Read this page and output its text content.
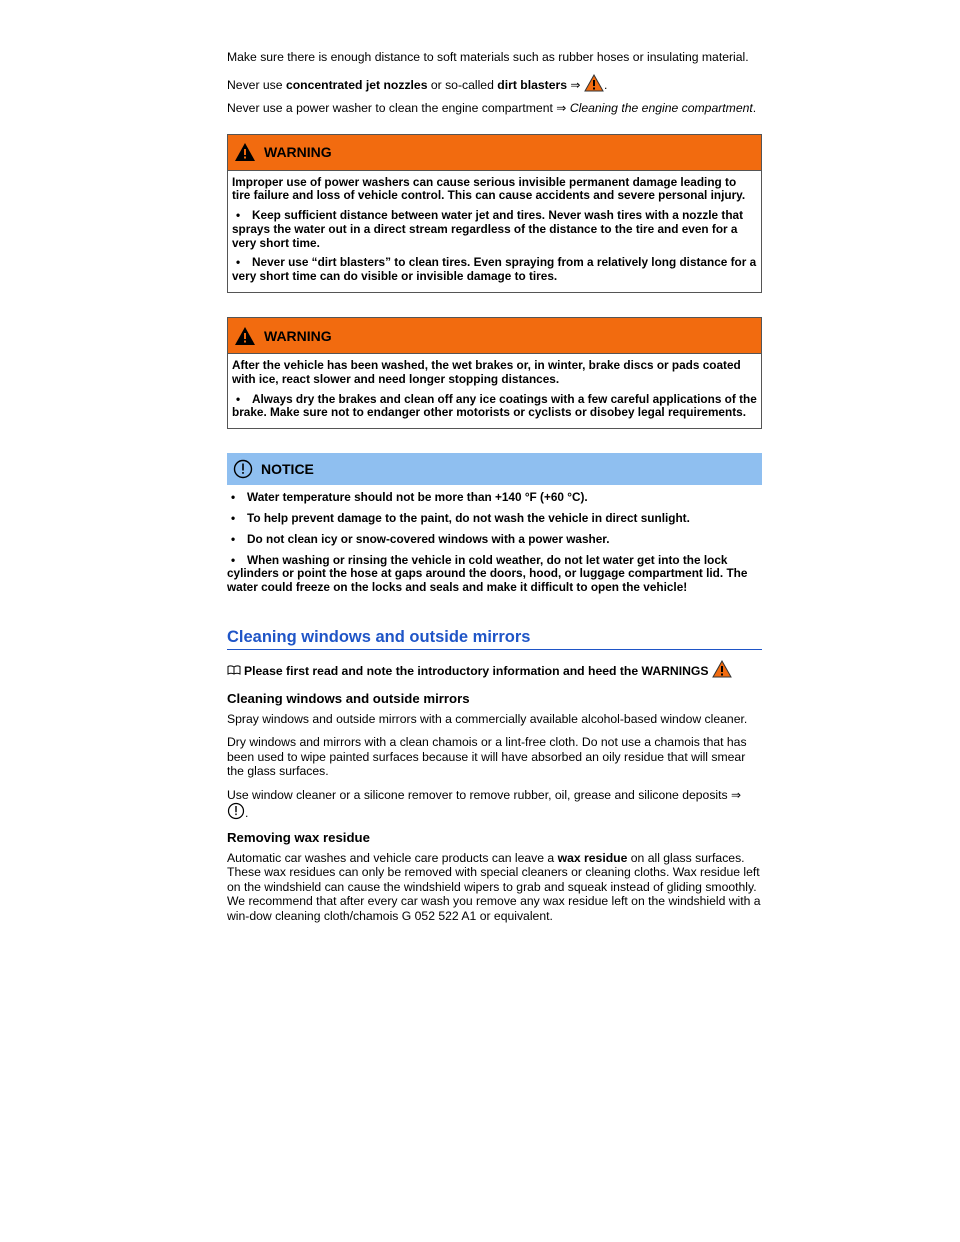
Make sure there is enough distance to soft materials such as rubber hoses or insulating material.

Never use concentrated jet nozzles or so-called dirt blasters ⇒
.

Never use a power washer to clean the engine compartment ⇒ Cleaning the engine compartment.

WARNING

Improper use of power washers can cause serious invisible permanent damage leading to tire failure and loss of vehicle control. This can cause accidents and severe personal injury.

• Keep sufficient distance between water jet and tires. Never wash tires with a nozzle that sprays the water out in a direct stream regardless of the distance to the tire and even for a very short time.

• Never use “dirt blasters” to clean tires. Even spraying from a relatively long distance for a very short time can do visible or invisible damage to tires.

WARNING

After the vehicle has been washed, the wet brakes or, in winter, brake discs or pads coated with ice, react slower and need longer stopping distances.

• Always dry the brakes and clean off any ice coatings with a few careful applications of the brake. Make sure not to endanger other motorists or cyclists or disobey legal requirements.

NOTICE

• Water temperature should not be more than +140 °F (+60 °C).

• To help prevent damage to the paint, do not wash the vehicle in direct sunlight.

• Do not clean icy or snow-covered windows with a power washer.

• When washing or rinsing the vehicle in cold weather, do not let water get into the lock cylinders or point the hose at gaps around the doors, hood, or luggage compartment lid. The water could freeze on the locks and seals and make it difficult to open the vehicle!

Cleaning windows and outside mirrors

Please first read and note the introductory information and heed the WARNINGS

Cleaning windows and outside mirrors

Spray windows and outside mirrors with a commercially available alcohol-based window cleaner.

Dry windows and mirrors with a clean chamois or a lint-free cloth. Do not use a chamois that has been used to wipe painted surfaces because it will have absorbed an oily residue that will smear the glass surfaces.

Use window cleaner or a silicone remover to remove rubber, oil, grease and silicone deposits ⇒
.

Removing wax residue

Automatic car washes and vehicle care products can leave a wax residue on all glass surfaces. These wax residues can only be removed with special cleaners or cleaning cloths. Wax residue left on the windshield can cause the windshield wipers to grab and squeak instead of gliding smoothly. We recommend that after every car wash you remove any wax residue left on the windshield with a win-dow cleaning cloth/chamois G 052 522 A1 or equivalent.
